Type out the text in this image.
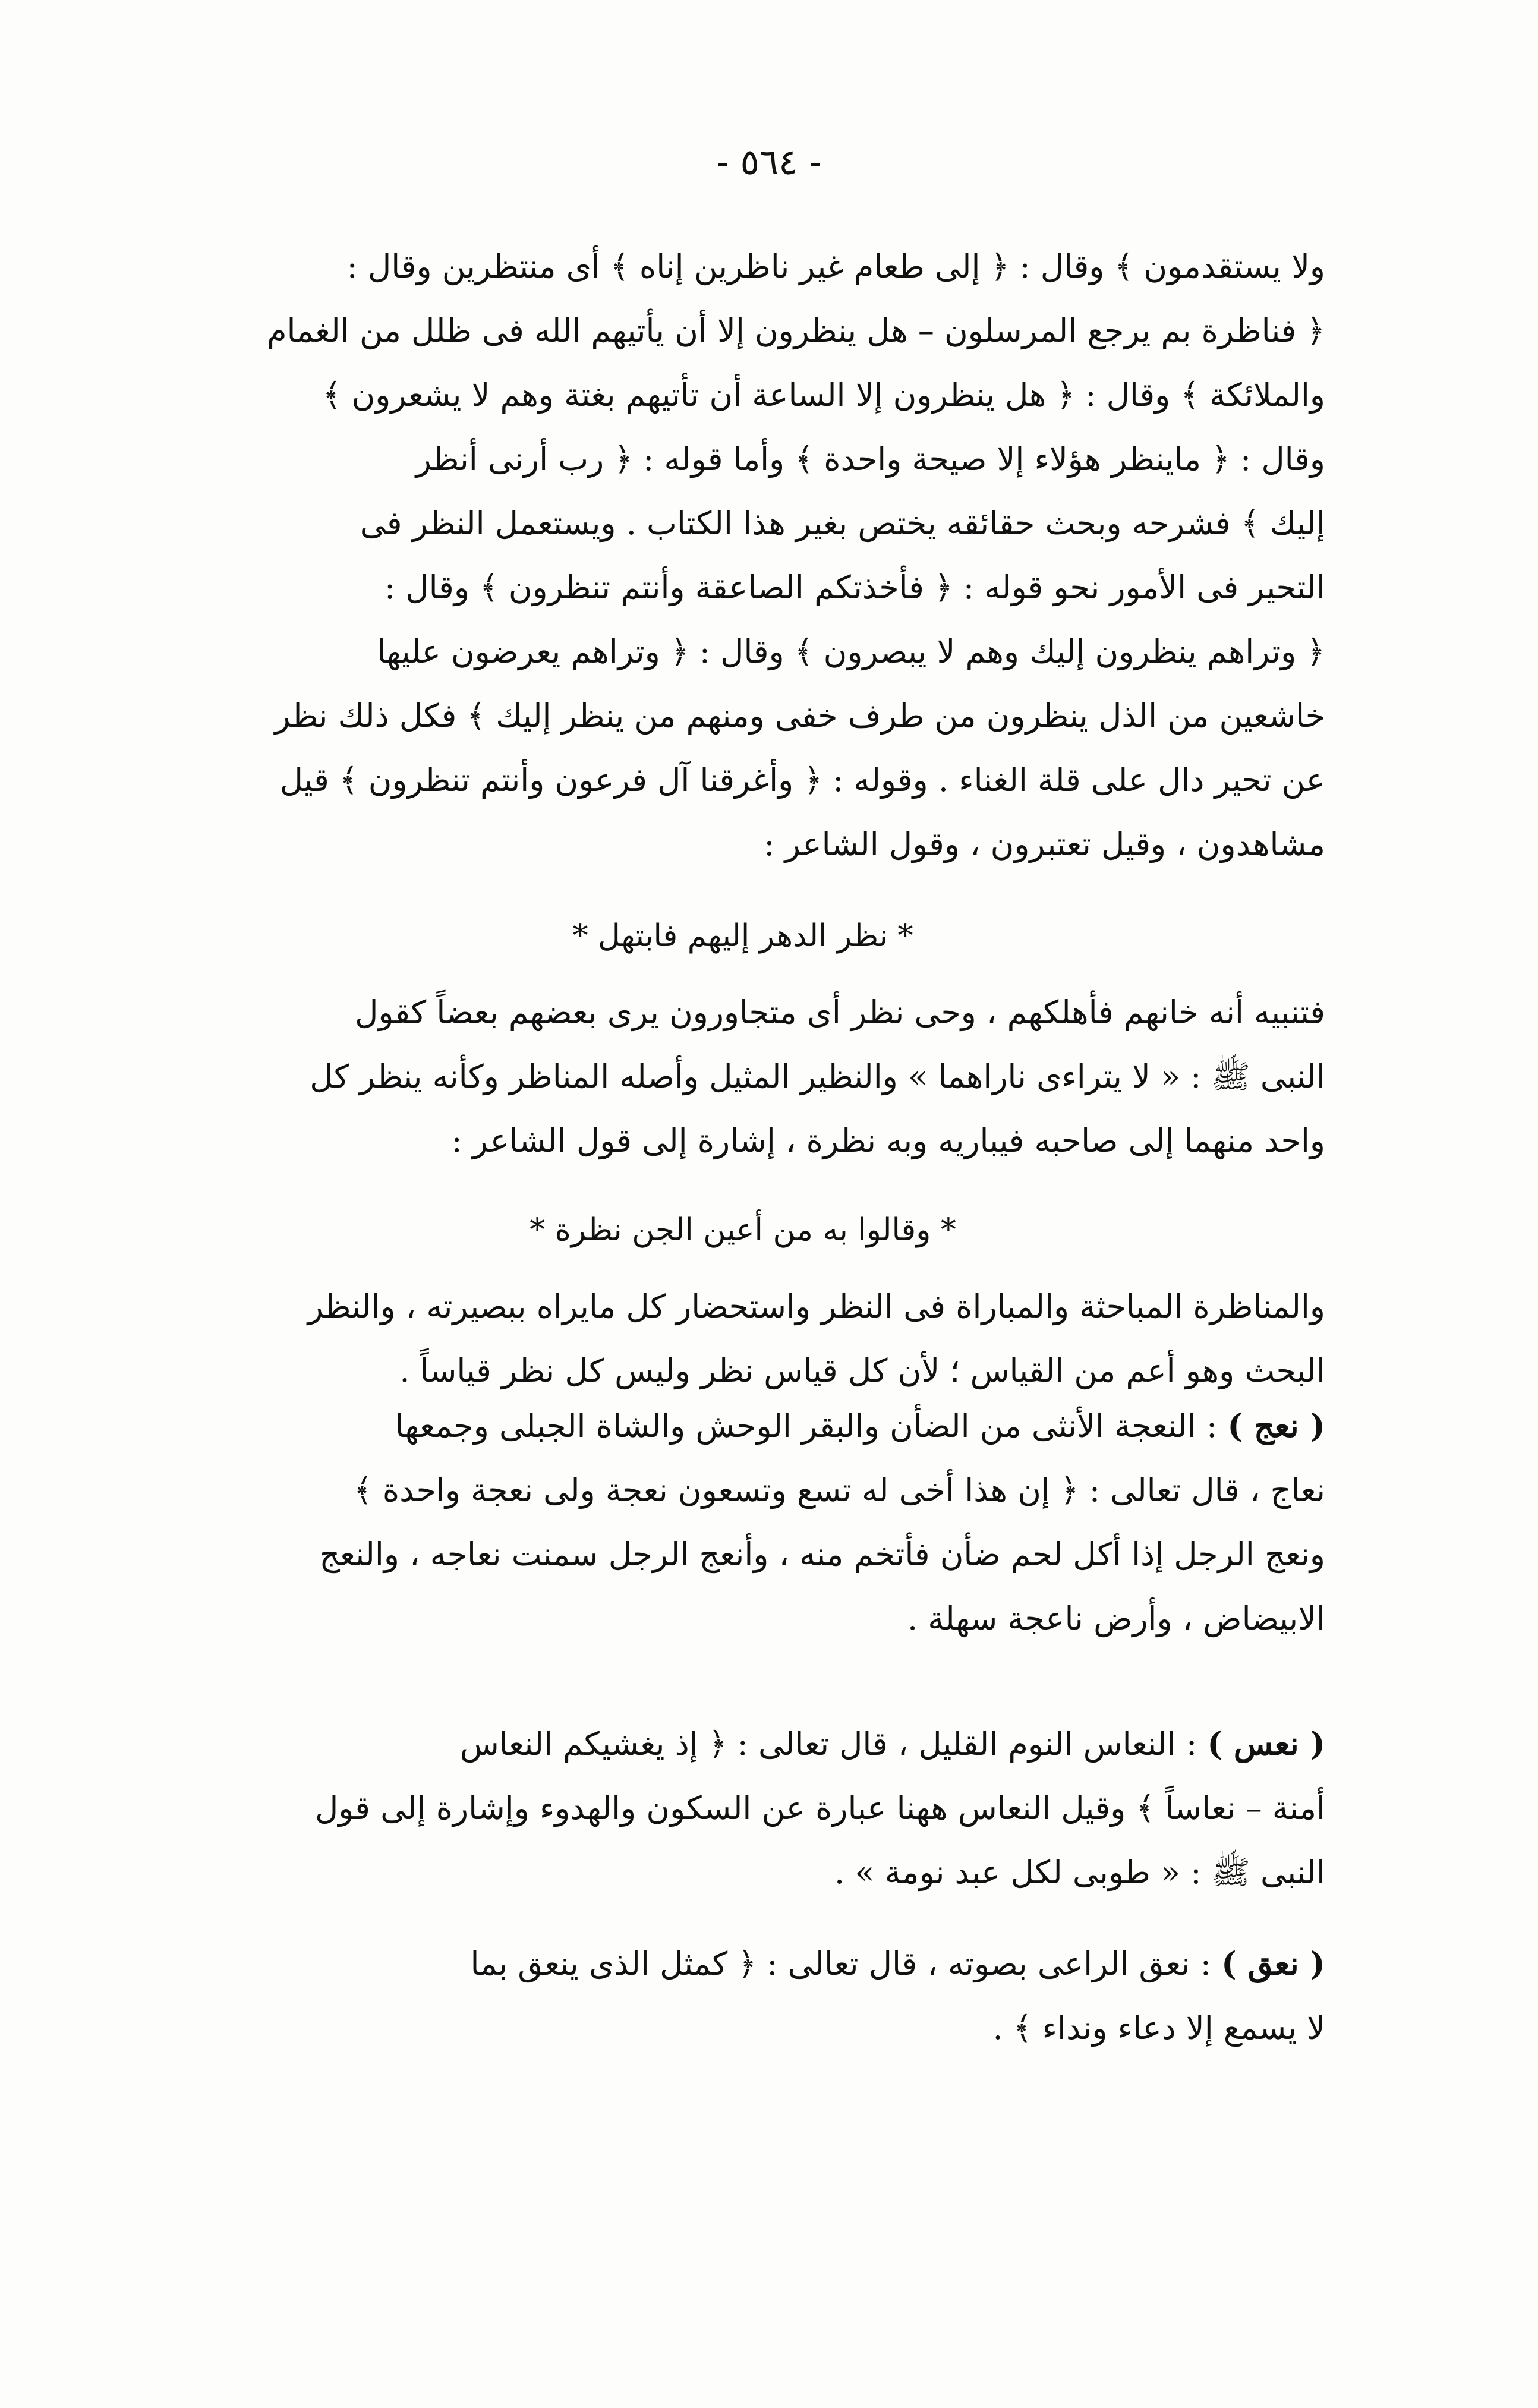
- ٥٦٤ -
ولا يستقدمون ﴾ وقال : ﴿ إلى طعام غير ناظرين إناه ﴾ أى منتظرين وقال :
﴿ فناظرة بم يرجع المرسلون – هل ينظرون إلا أن يأتيهم الله فى ظلل من الغمام
والملائكة ﴾ وقال : ﴿ هل ينظرون إلا الساعة أن تأتيهم بغتة وهم لا يشعرون ﴾
وقال : ﴿ ماينظر هؤلاء إلا صيحة واحدة ﴾ وأما قوله : ﴿ رب أرنى أنظر
إليك ﴾ فشرحه وبحث حقائقه يختص بغير هذا الكتاب . ويستعمل النظر فى
التحير فى الأمور نحو قوله : ﴿ فأخذتكم الصاعقة وأنتم تنظرون ﴾ وقال :
﴿ وتراهم ينظرون إليك وهم لا يبصرون ﴾ وقال : ﴿ وتراهم يعرضون عليها
خاشعين من الذل ينظرون من طرف خفى ومنهم من ينظر إليك ﴾ فكل ذلك نظر
عن تحير دال على قلة الغناء . وقوله : ﴿ وأغرقنا آل فرعون وأنتم تنظرون ﴾ قيل
مشاهدون ، وقيل تعتبرون ، وقول الشاعر :
* نظر الدهر إليهم فابتهل *
فتنبيه أنه خانهم فأهلكهم ، وحى نظر أى متجاورون يرى بعضهم بعضاً كقول
النبى ﷺ : « لا يتراءى ناراهما » والنظير المثيل وأصله المناظر وكأنه ينظر كل
واحد منهما إلى صاحبه فيباريه وبه نظرة ، إشارة إلى قول الشاعر :
* وقالوا به من أعين الجن نظرة *
والمناظرة المباحثة والمباراة فى النظر واستحضار كل مايراه ببصيرته ، والنظر
البحث وهو أعم من القياس ؛ لأن كل قياس نظر وليس كل نظر قياساً .
( نعج ) : النعجة الأنثى من الضأن والبقر الوحش والشاة الجبلى وجمعها
نعاج ، قال تعالى : ﴿ إن هذا أخى له تسع وتسعون نعجة ولى نعجة واحدة ﴾
ونعج الرجل إذا أكل لحم ضأن فأتخم منه ، وأنعج الرجل سمنت نعاجه ، والنعج
الابيضاض ، وأرض ناعجة سهلة .
( نعس ) : النعاس النوم القليل ، قال تعالى : ﴿ إذ يغشيكم النعاس
أمنة – نعاساً ﴾ وقيل النعاس ههنا عبارة عن السكون والهدوء وإشارة إلى قول
النبى ﷺ : « طوبى لكل عبد نومة » .
( نعق ) : نعق الراعى بصوته ، قال تعالى : ﴿ كمثل الذى ينعق بما
لا يسمع إلا دعاء ونداء ﴾ .
